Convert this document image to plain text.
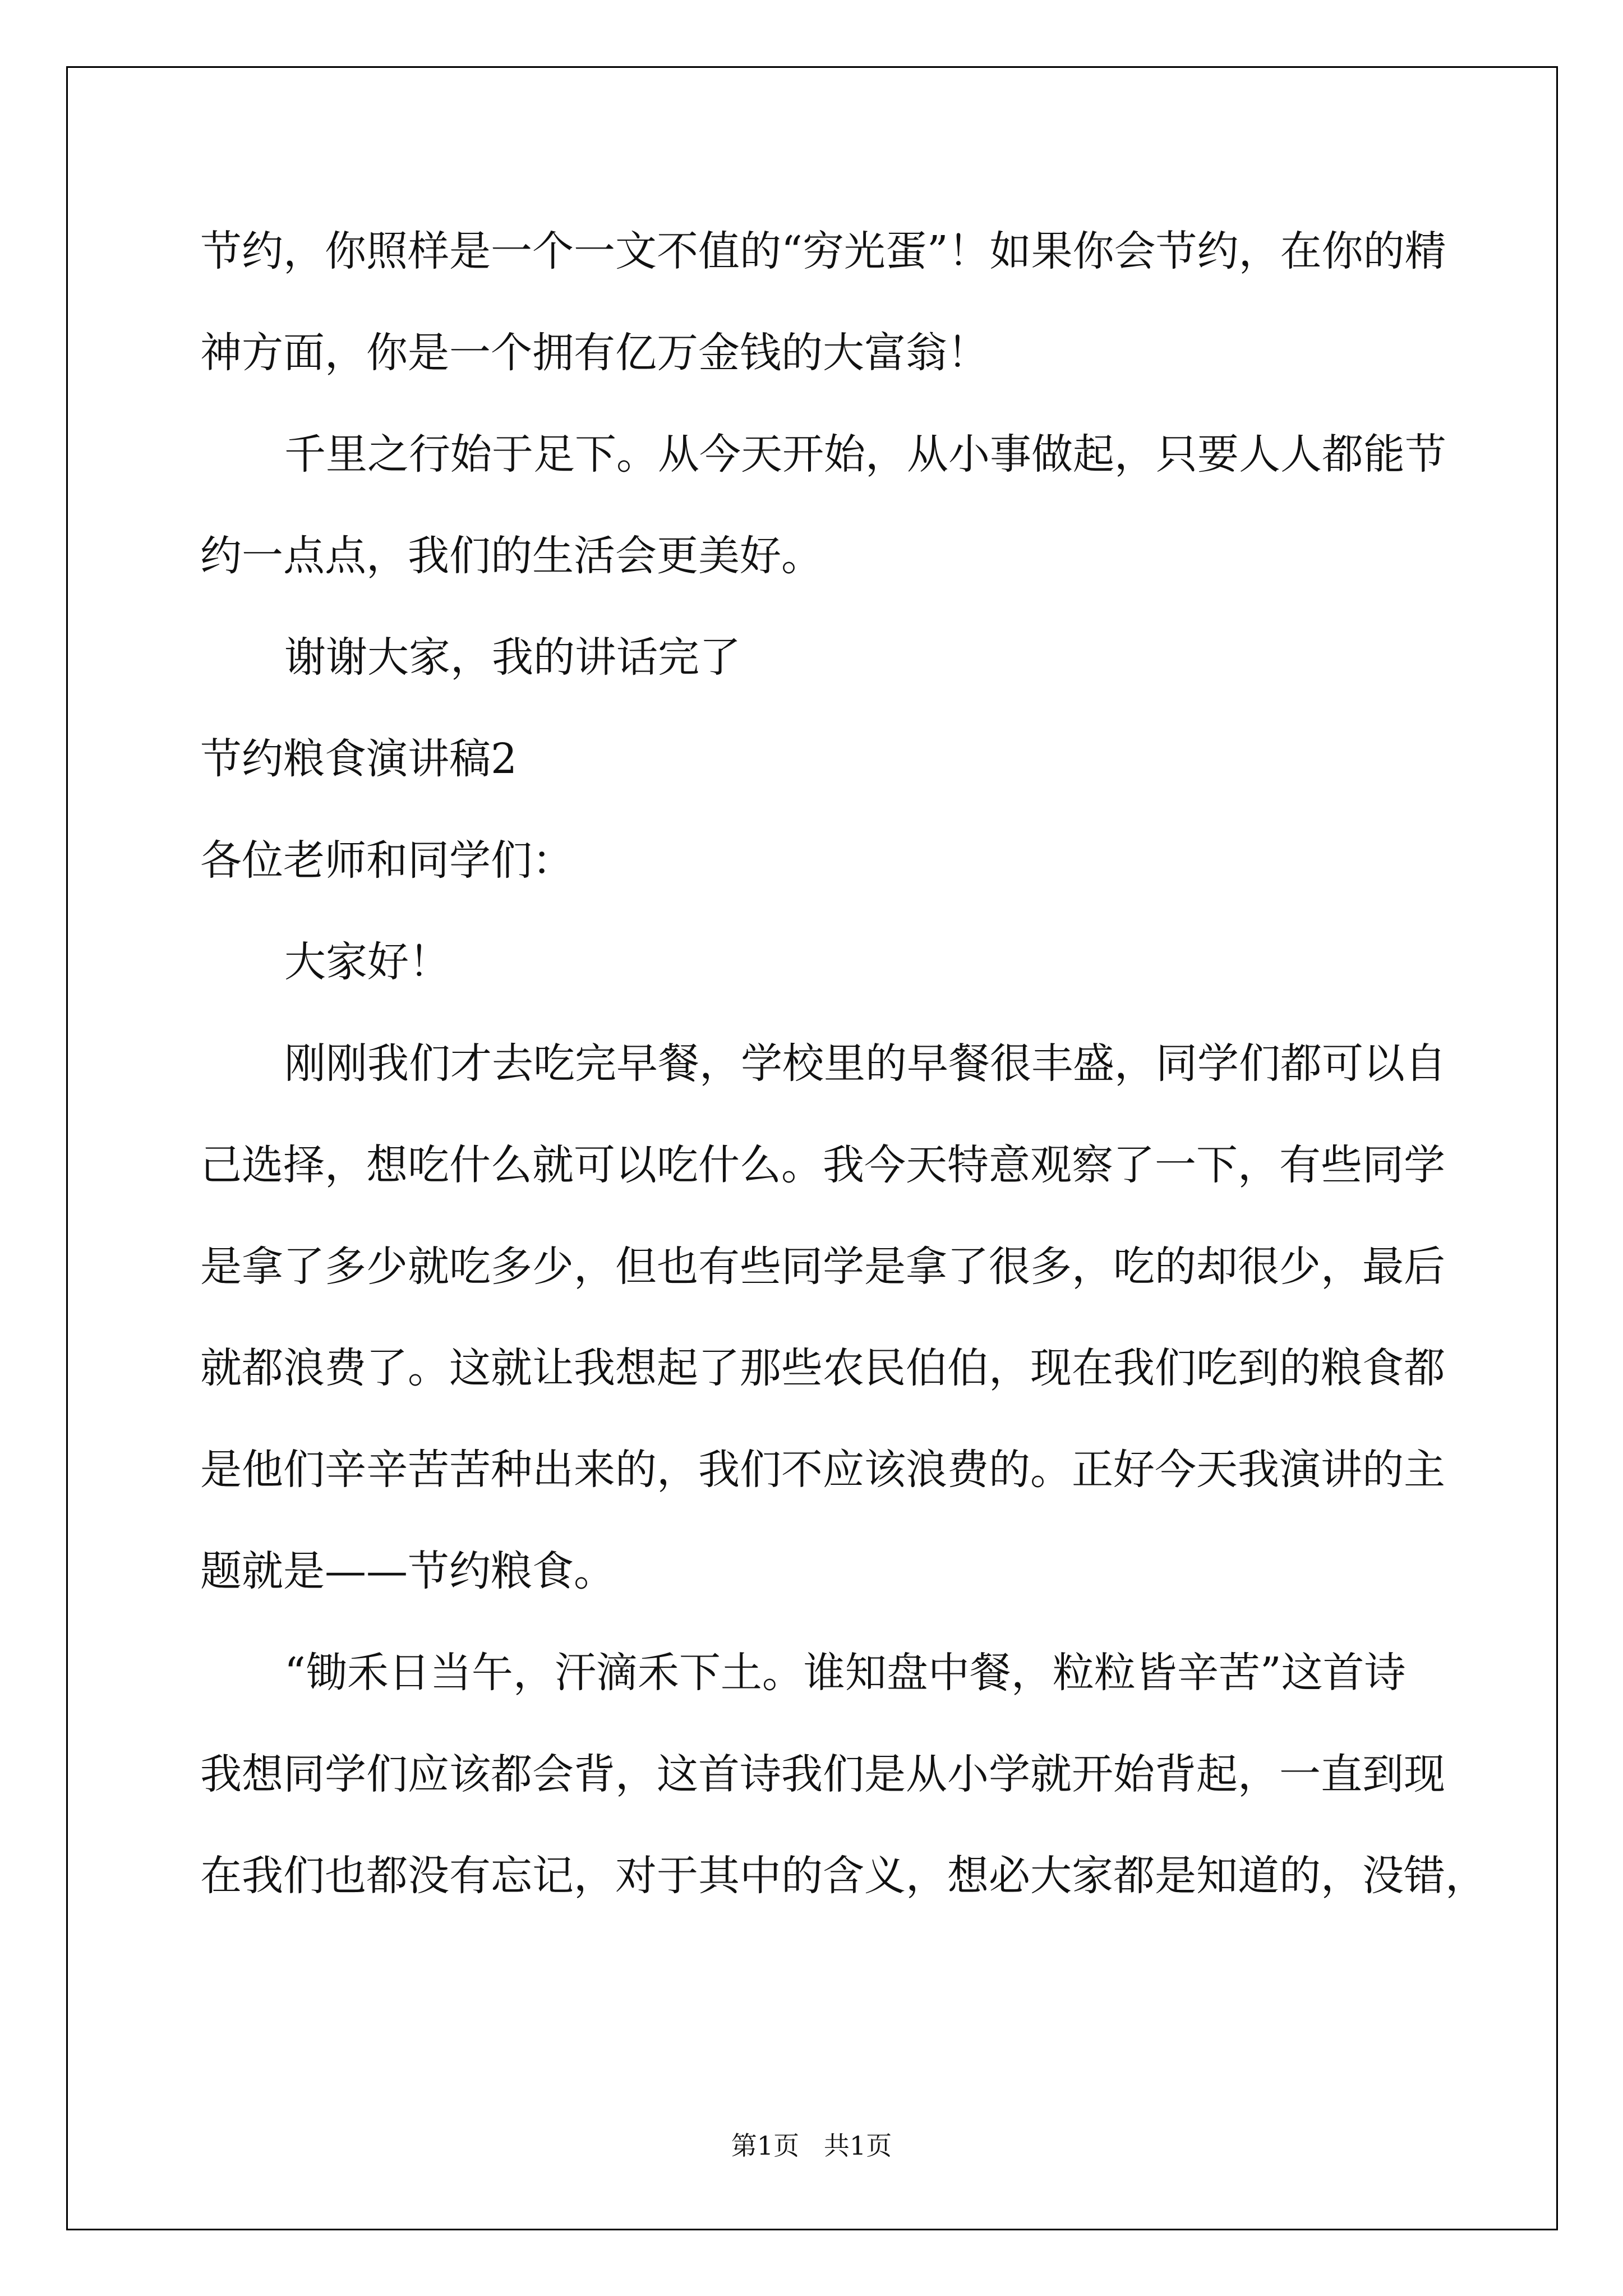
节约，你照样是一个一文不值的“穷光蛋”！如果你会节约，在你的精
神方面，你是一个拥有亿万金钱的大富翁！
千里之行始于足下。从今天开始，从小事做起，只要人人都能节
约一点点，我们的生活会更美好。
谢谢大家，我的讲话完了
节约粮食演讲稿2
各位老师和同学们：
大家好！
刚刚我们才去吃完早餐，学校里的早餐很丰盛，同学们都可以自
己选择，想吃什么就可以吃什么。我今天特意观察了一下，有些同学
是拿了多少就吃多少，但也有些同学是拿了很多，吃的却很少，最后
就都浪费了。这就让我想起了那些农民伯伯，现在我们吃到的粮食都
是他们辛辛苦苦种出来的，我们不应该浪费的。正好今天我演讲的主
题就是——节约粮食。
“锄禾日当午，汗滴禾下土。谁知盘中餐，粒粒皆辛苦”这首诗
我想同学们应该都会背，这首诗我们是从小学就开始背起，一直到现
在我们也都没有忘记，对于其中的含义，想必大家都是知道的，没错，
第1页   共1页
